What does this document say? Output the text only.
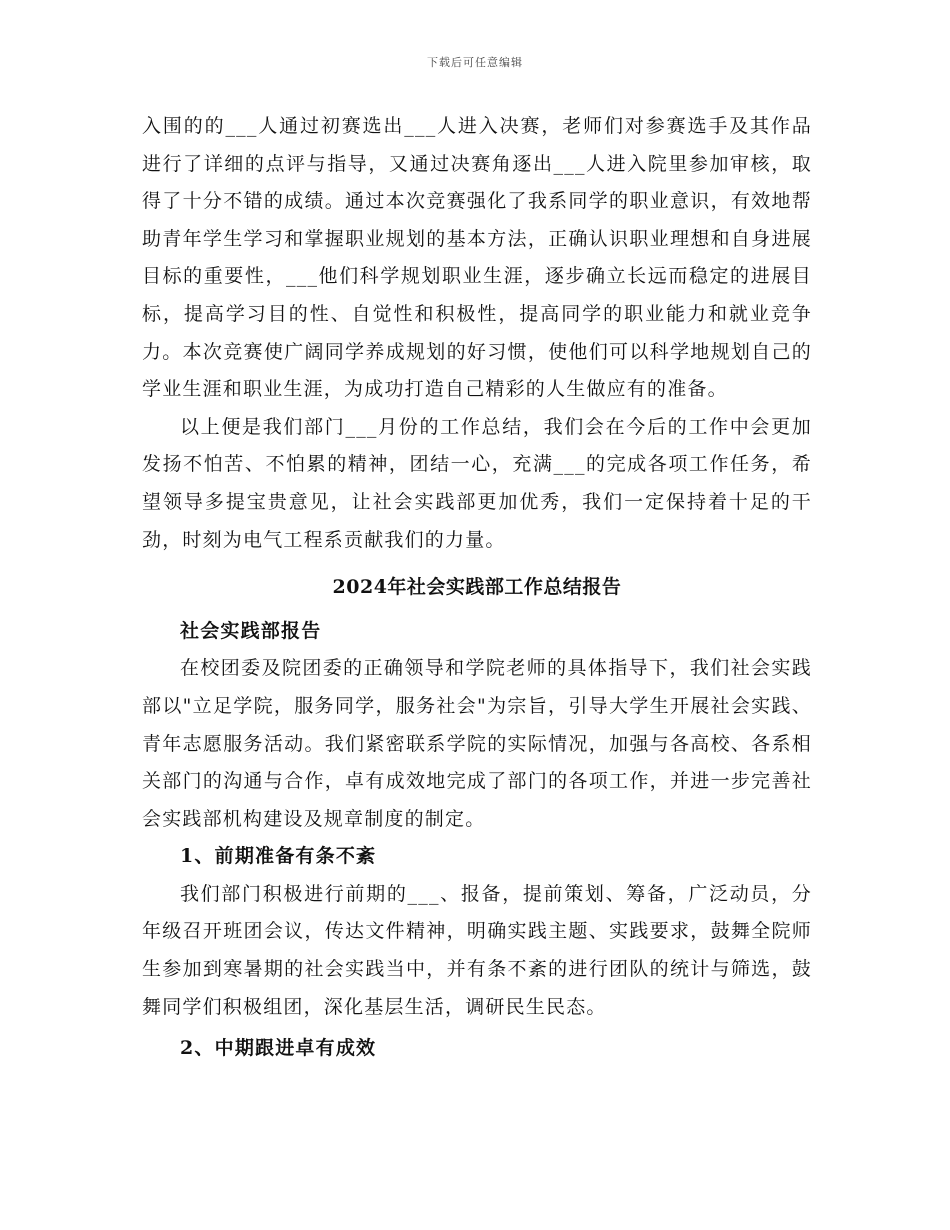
下载后可任意编辑

入围的的___人通过初赛选出___人进入决赛，老师们对参赛选手及其作品进行了详细的点评与指导，又通过决赛角逐出___人进入院里参加审核，取得了十分不错的成绩。通过本次竞赛强化了我系同学的职业意识，有效地帮助青年学生学习和掌握职业规划的基本方法，正确认识职业理想和自身进展目标的重要性，___他们科学规划职业生涯，逐步确立长远而稳定的进展目标，提高学习目的性、自觉性和积极性，提高同学的职业能力和就业竞争力。本次竞赛使广阔同学养成规划的好习惯，使他们可以科学地规划自己的学业生涯和职业生涯，为成功打造自己精彩的人生做应有的准备。

以上便是我们部门___月份的工作总结，我们会在今后的工作中会更加发扬不怕苦、不怕累的精神，团结一心，充满___的完成各项工作任务，希望领导多提宝贵意见，让社会实践部更加优秀，我们一定保持着十足的干劲，时刻为电气工程系贡献我们的力量。

2024年社会实践部工作总结报告

社会实践部报告

在校团委及院团委的正确领导和学院老师的具体指导下，我们社会实践部以"立足学院，服务同学，服务社会"为宗旨，引导大学生开展社会实践、青年志愿服务活动。我们紧密联系学院的实际情况，加强与各高校、各系相关部门的沟通与合作，卓有成效地完成了部门的各项工作，并进一步完善社会实践部机构建设及规章制度的制定。

1、前期准备有条不紊

我们部门积极进行前期的___、报备，提前策划、筹备，广泛动员，分年级召开班团会议，传达文件精神，明确实践主题、实践要求，鼓舞全院师生参加到寒暑期的社会实践当中，并有条不紊的进行团队的统计与筛选，鼓舞同学们积极组团，深化基层生活，调研民生民态。

2、中期跟进卓有成效
